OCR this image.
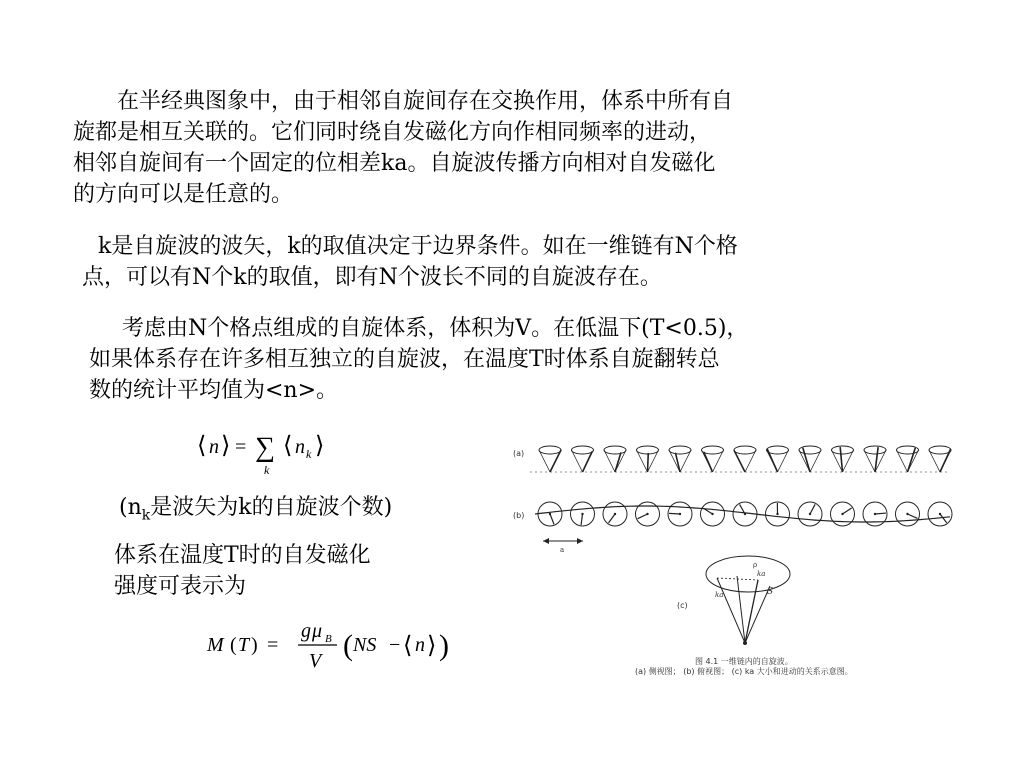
在半经典图象中，由于相邻自旋间存在交换作用，体系中所有自
旋都是相互关联的。它们同时绕自发磁化方向作相同频率的进动，
相邻自旋间有一个固定的位相差ka。自旋波传播方向相对自发磁化
的方向可以是任意的。
k是自旋波的波矢，k的取值决定于边界条件。如在一维链有N个格
点，可以有N个k的取值，即有N个波长不同的自旋波存在。
考虑由N个格点组成的自旋体系，体积为V。在低温下(T<0.5)，
如果体系存在许多相互独立的自旋波，在温度T时体系自旋翻转总
数的统计平均值为<n>。
⟨ n ⟩ = ∑
k
⟨ n k ⟩
($n_k$是波矢为k的自旋波个数)
体系在温度T时的自发磁化
强度可表示为
M ( T ) =
g μ B
V ( NS − ⟨ n ⟩ )
(a)
(b)
a
(c)
ρ
ka
ka	S
图 4.1 一维链内的自旋波。
(a) 侧视图； (b) 俯视图； (c) ka 大小和进动的关系示意图。
